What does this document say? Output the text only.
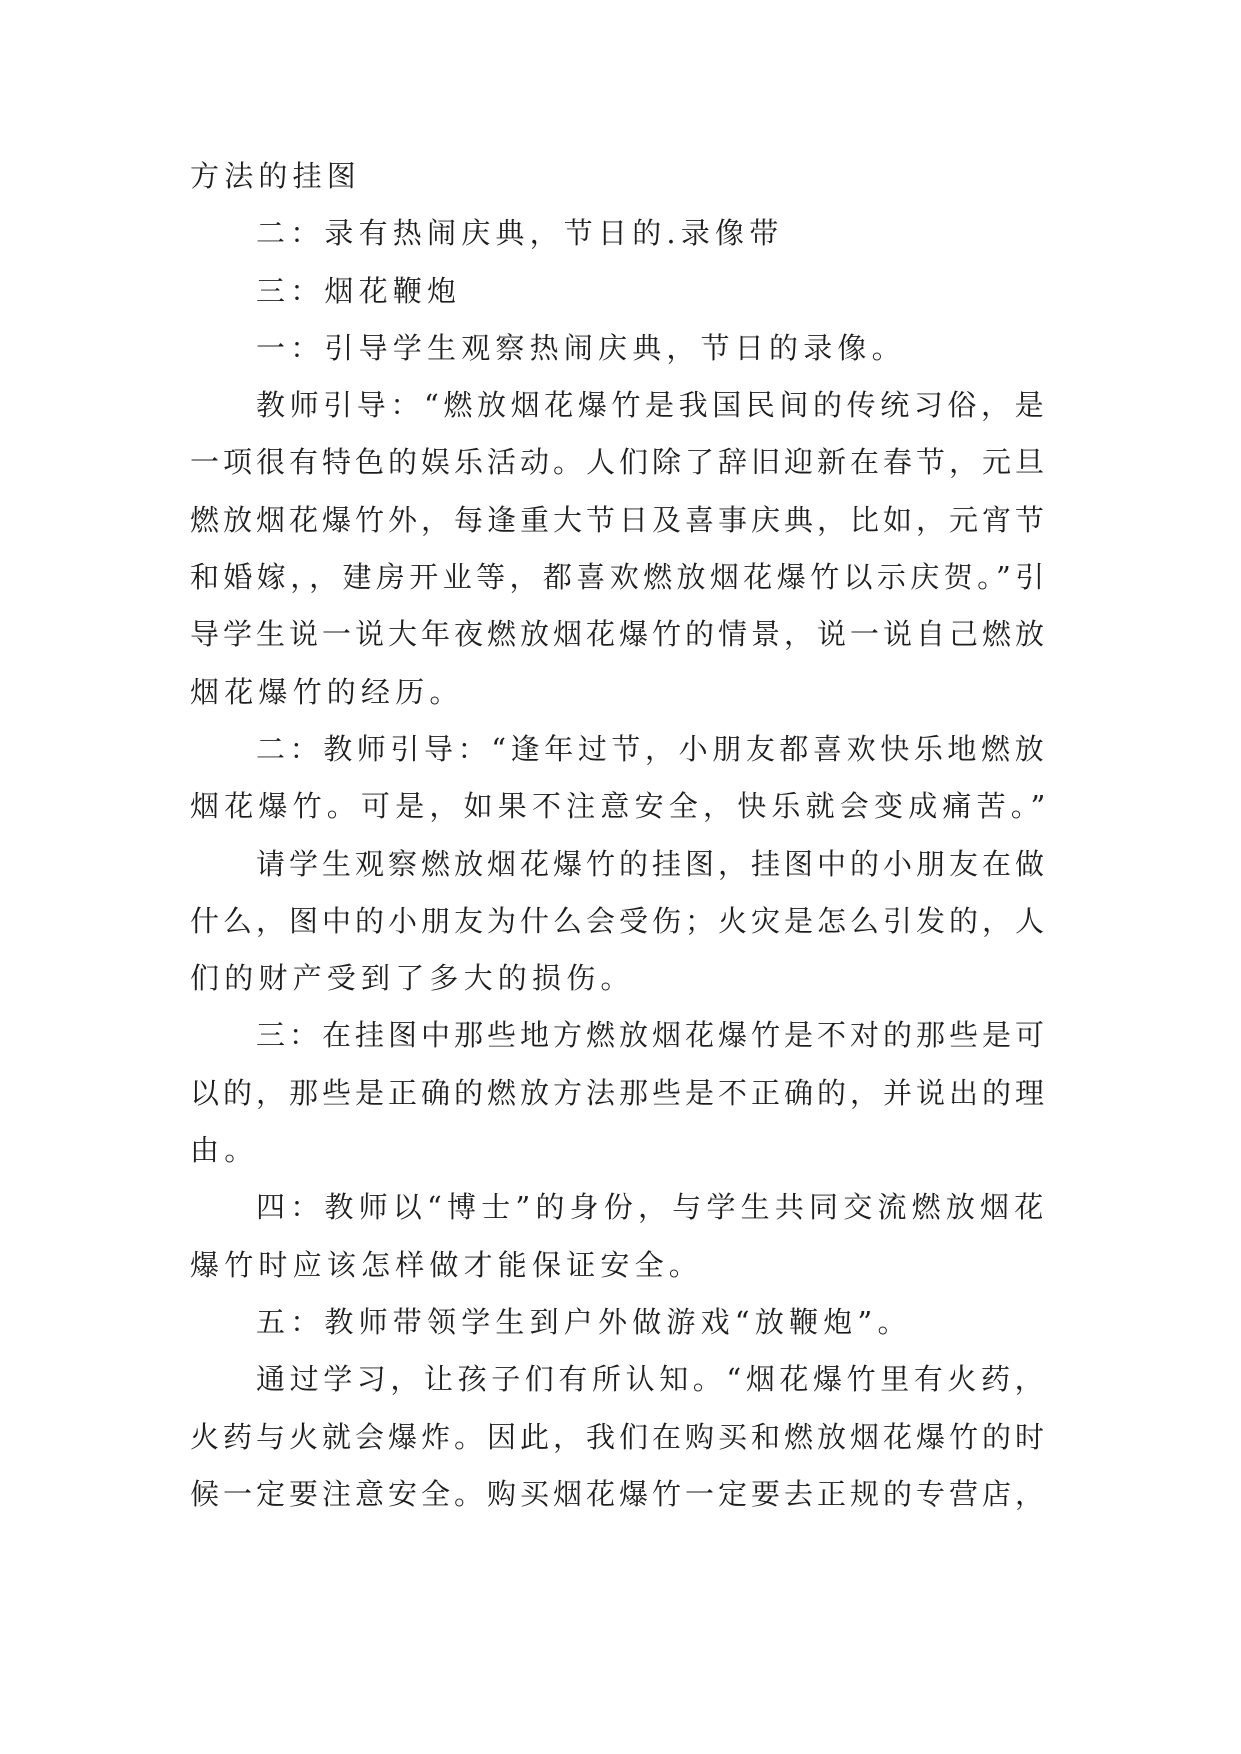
方法的挂图
二：录有热闹庆典，节日的.录像带
三：烟花鞭炮
一：引导学生观察热闹庆典，节日的录像。
教师引导：“燃放烟花爆竹是我国民间的传统习俗，是
一项很有特色的娱乐活动。人们除了辞旧迎新在春节，元旦
燃放烟花爆竹外，每逢重大节日及喜事庆典，比如，元宵节
和婚嫁，，建房开业等，都喜欢燃放烟花爆竹以示庆贺。”引
导学生说一说大年夜燃放烟花爆竹的情景，说一说自己燃放
烟花爆竹的经历。
二：教师引导：“逢年过节，小朋友都喜欢快乐地燃放
烟花爆竹。可是，如果不注意安全，快乐就会变成痛苦。”
请学生观察燃放烟花爆竹的挂图，挂图中的小朋友在做
什么，图中的小朋友为什么会受伤；火灾是怎么引发的，人
们的财产受到了多大的损伤。
三：在挂图中那些地方燃放烟花爆竹是不对的那些是可
以的，那些是正确的燃放方法那些是不正确的，并说出的理
由。
四：教师以“博士”的身份，与学生共同交流燃放烟花
爆竹时应该怎样做才能保证安全。
五：教师带领学生到户外做游戏“放鞭炮”。
通过学习，让孩子们有所认知。“烟花爆竹里有火药，
火药与火就会爆炸。因此，我们在购买和燃放烟花爆竹的时
候一定要注意安全。购买烟花爆竹一定要去正规的专营店，
